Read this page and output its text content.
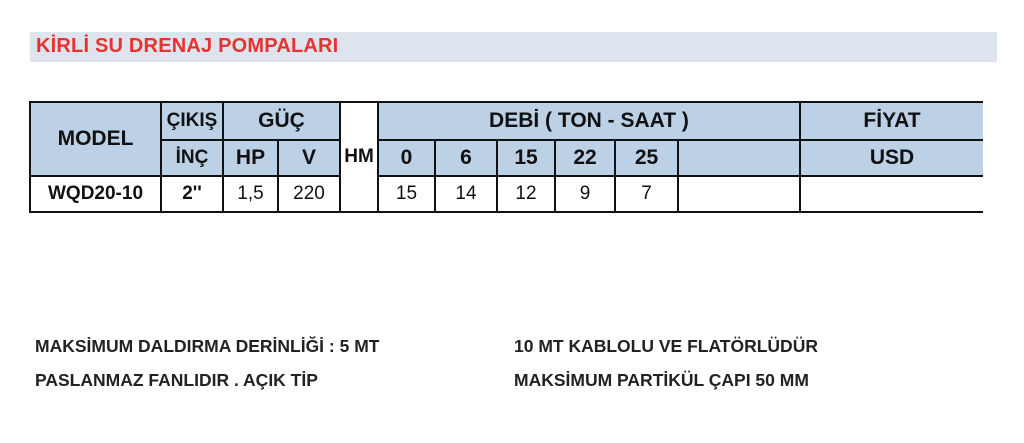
KİRLİ SU DRENAJ POMPALARI
MODEL	ÇIKIŞ	GÜÇ		HM	DEBİ ( TON - SAAT )						FİYAT
	İNÇ	HP	V		0	6	15	22	25		USD
WQD20-10	2''	1,5	220		15	14	12	9	7		
MAKSİMUM DALDIRMA DERİNLİĞİ : 5 MT
PASLANMAZ FANLIDIR . AÇIK TİP
10 MT KABLOLU VE FLATÖRLÜDÜR
MAKSİMUM PARTİKÜL ÇAPI 50 MM
